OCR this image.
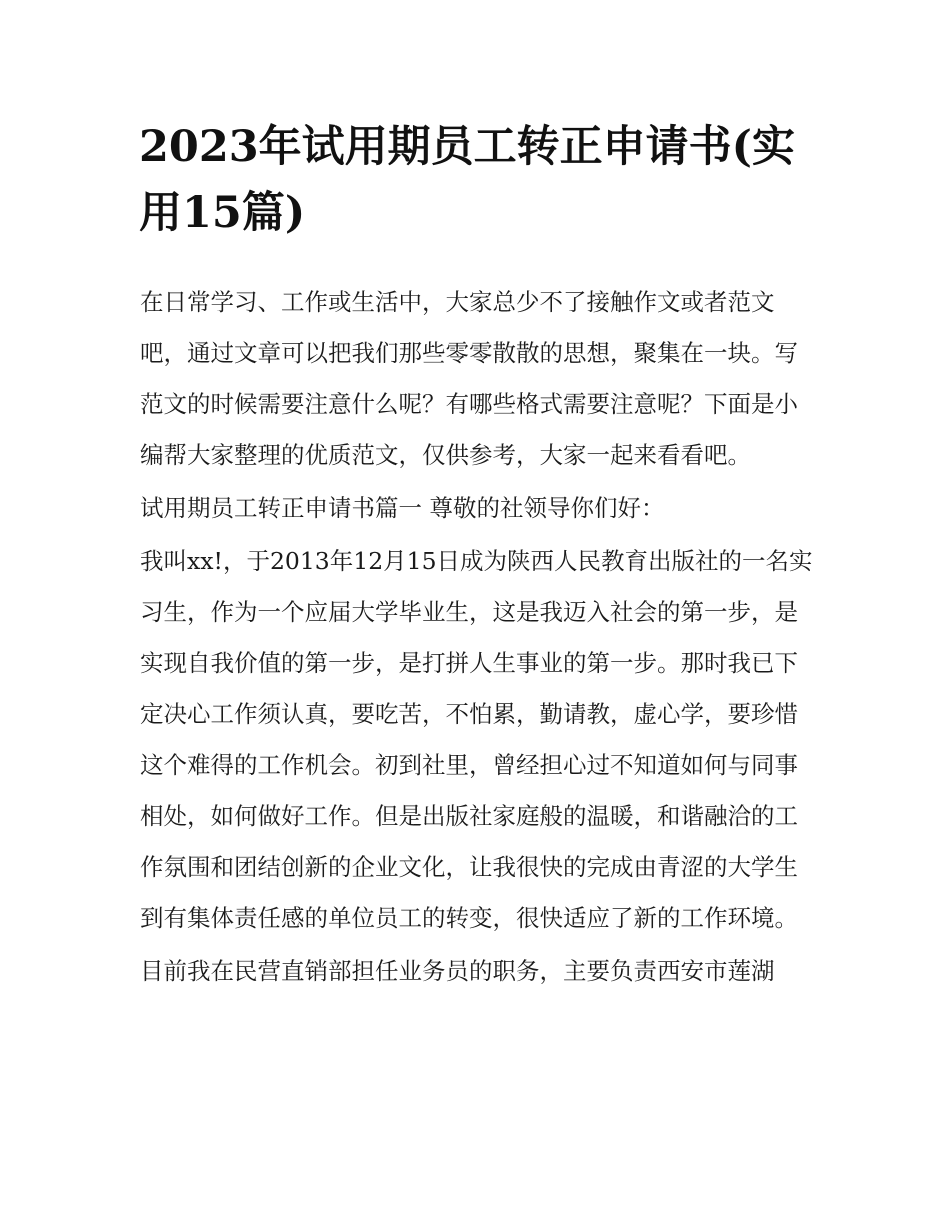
2023年试用期员工转正申请书(实用15篇)

在日常学习、工作或生活中，大家总少不了接触作文或者范文吧，通过文章可以把我们那些零零散散的思想，聚集在一块。写范文的时候需要注意什么呢？有哪些格式需要注意呢？下面是小编帮大家整理的优质范文，仅供参考，大家一起来看看吧。

试用期员工转正申请书篇一 尊敬的社领导你们好：

我叫xx!，于2013年12月15日成为陕西人民教育出版社的一名实习生，作为一个应届大学毕业生，这是我迈入社会的第一步，是实现自我价值的第一步，是打拼人生事业的第一步。那时我已下定决心工作须认真，要吃苦，不怕累，勤请教，虚心学，要珍惜这个难得的工作机会。初到社里，曾经担心过不知道如何与同事相处，如何做好工作。但是出版社家庭般的温暖，和谐融洽的工作氛围和团结创新的企业文化，让我很快的完成由青涩的大学生到有集体责任感的单位员工的转变，很快适应了新的工作环境。

目前我在民营直销部担任业务员的职务，主要负责西安市莲湖
